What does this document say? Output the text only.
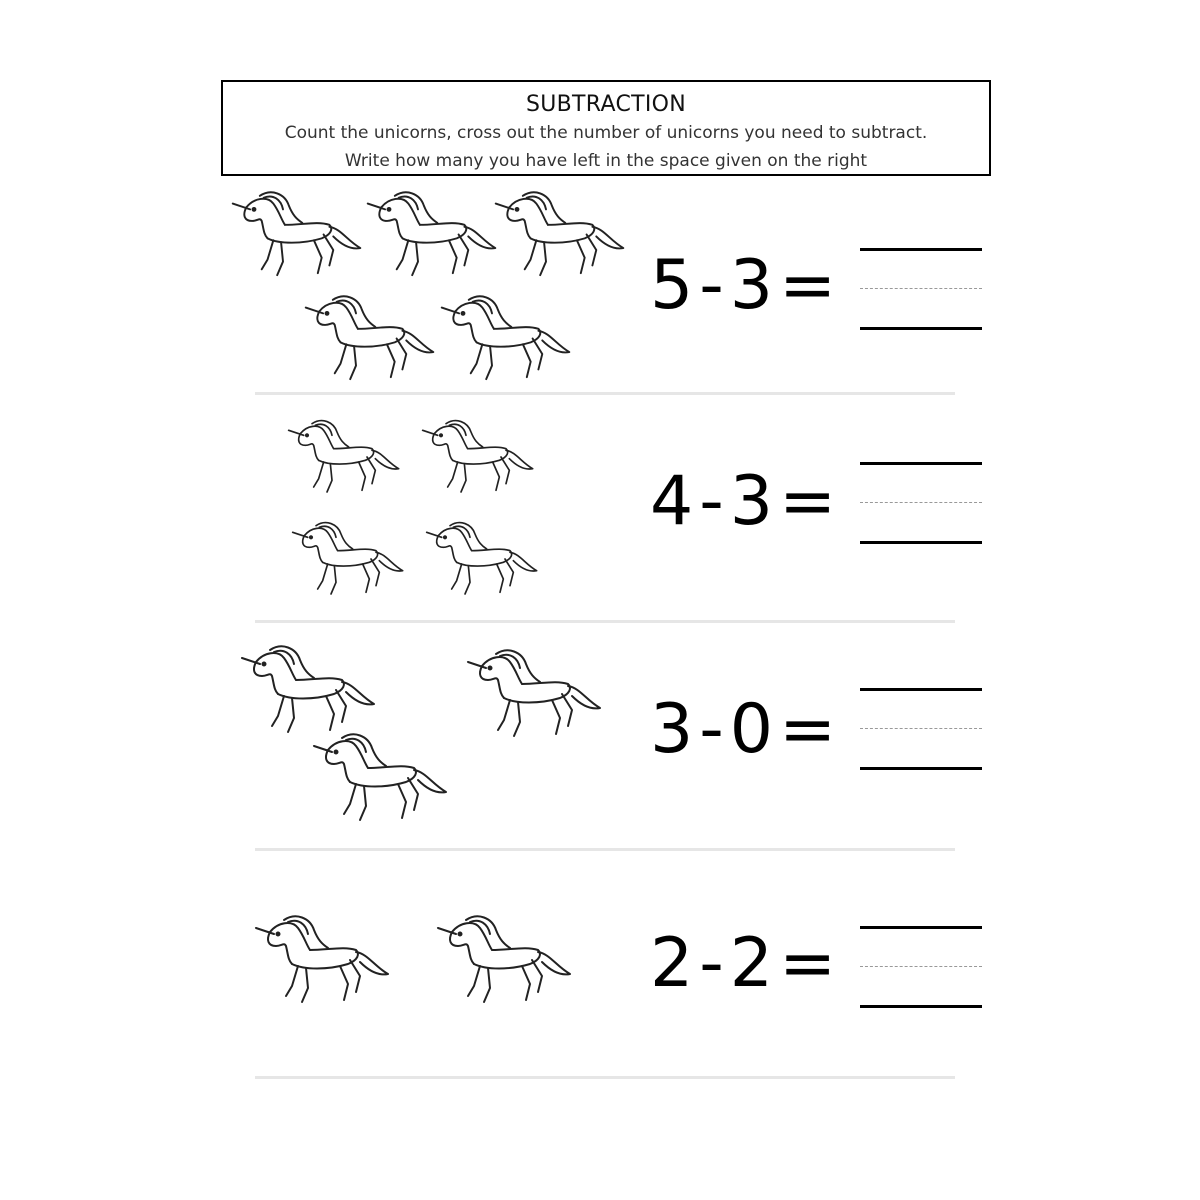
SUBTRACTION
Count the unicorns, cross out the number of unicorns you need to subtract.
Write how many you have left in the space given on the right
5-3=
4-3=
3-0=
2-2=
